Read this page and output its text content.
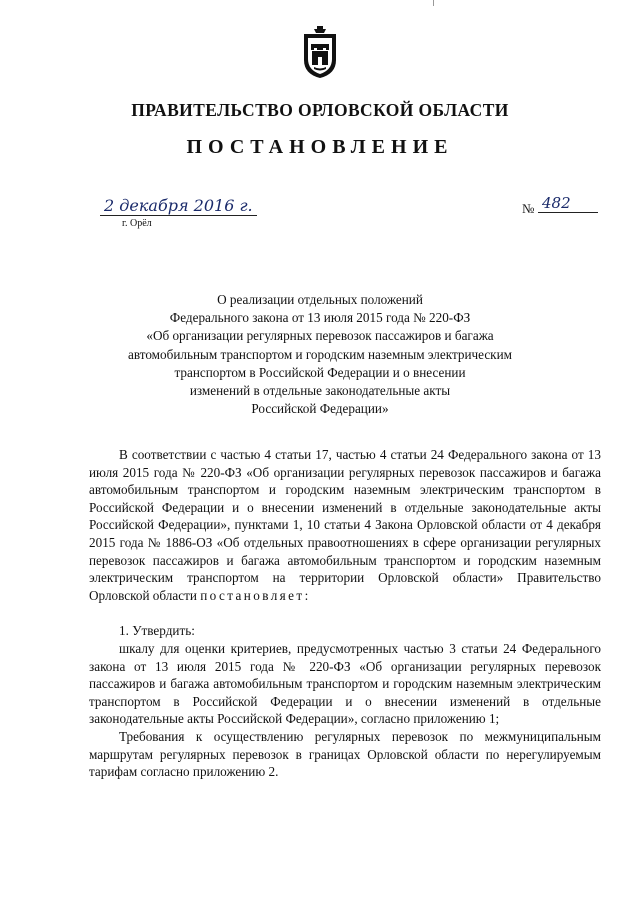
ПРАВИТЕЛЬСТВО ОРЛОВСКОЙ ОБЛАСТИ
ПОСТАНОВЛЕНИЕ
2 декабря 2016 г.
г. Орёл
№ 482
О реализации отдельных положений
Федерального закона от 13 июля 2015 года № 220-ФЗ
«Об организации регулярных перевозок пассажиров и багажа
автомобильным транспортом и городским наземным электрическим
транспортом в Российской Федерации и о внесении
изменений в отдельные законодательные акты
Российской Федерации»

В соответствии с частью 4 статьи 17, частью 4 статьи 24 Федерального закона от 13 июля 2015 года № 220-ФЗ «Об организации регулярных перевозок пассажиров и багажа автомобильным транспортом и городским наземным электрическим транспортом в Российской Федерации и о внесении изменений в отдельные законодательные акты Российской Федерации», пунктами 1, 10 статьи 4 Закона Орловской области от 4 декабря 2015 года № 1886-ОЗ «Об отдельных правоотношениях в сфере организации регулярных перевозок пассажиров и багажа автомобильным транспортом и городским наземным электрическим транспортом на территории Орловской области» Правительство Орловской области постановляет:

1. Утвердить:

шкалу для оценки критериев, предусмотренных частью 3 статьи 24 Федерального закона от 13 июля 2015 года № 220-ФЗ «Об организации регулярных перевозок пассажиров и багажа автомобильным транспортом и городским наземным электрическим транспортом в Российской Федерации и о внесении изменений в отдельные законодательные акты Российской Федерации», согласно приложению 1;

Требования к осуществлению регулярных перевозок по межмуниципальным маршрутам регулярных перевозок в границах Орловской области по нерегулируемым тарифам согласно приложению 2.
